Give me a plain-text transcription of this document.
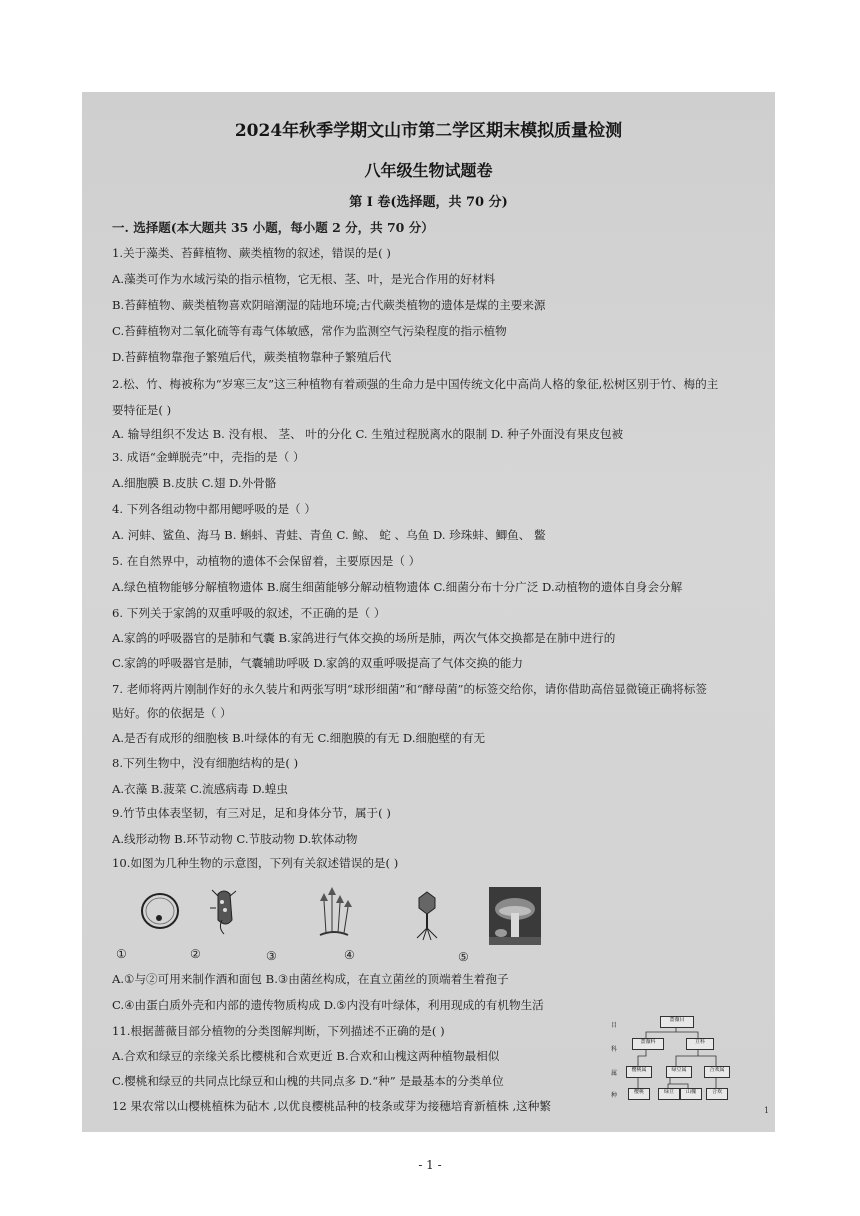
2024年秋季学期文山市第二学区期末模拟质量检测
八年级生物试题卷
第 I 卷(选择题，共 70 分)
一. 选择题(本大题共 35 小题，每小题 2 分，共 70 分）
1.关于藻类、苔藓植物、蕨类植物的叙述，错误的是( )
A.藻类可作为水域污染的指示植物，它无根、茎、叶，是光合作用的好材料
B.苔藓植物、蕨类植物喜欢阴暗潮湿的陆地环境;古代蕨类植物的遗体是煤的主要来源
C.苔藓植物对二氧化硫等有毒气体敏感，常作为监测空气污染程度的指示植物
D.苔藓植物靠孢子繁殖后代，蕨类植物靠种子繁殖后代
2.松、竹、梅被称为“岁寒三友”这三种植物有着顽强的生命力是中国传统文化中高尚人格的象征,松树区别于竹、梅的主
要特征是( )
A. 输导组织不发达 B. 没有根、 茎、 叶的分化 C. 生殖过程脱离水的限制 D. 种子外面没有果皮包被
3. 成语“金蝉脱壳”中，壳指的是（ ）
A.细胞膜 B.皮肤 C.翅 D.外骨骼
4. 下列各组动物中都用鳃呼吸的是（ ）
A. 河蚌、鲨鱼、海马 B. 蝌蚪、青蛙、青鱼 C. 鲸、 蛇 、乌鱼 D. 珍珠蚌、鲫鱼、 鳖
5. 在自然界中，动植物的遗体不会保留着，主要原因是（ ）
A.绿色植物能够分解植物遗体 B.腐生细菌能够分解动植物遗体 C.细菌分布十分广泛 D.动植物的遗体自身会分解
6. 下列关于家鸽的双重呼吸的叙述，不正确的是（ ）
A.家鸽的呼吸器官的是肺和气囊 B.家鸽进行气体交换的场所是肺，两次气体交换都是在肺中进行的
C.家鸽的呼吸器官是肺，气囊辅助呼吸 D.家鸽的双重呼吸提高了气体交换的能力
7. 老师将两片刚制作好的永久装片和两张写明“球形细菌”和“酵母菌”的标签交给你，请你借助高倍显微镜正确将标签
贴好。你的依据是（ ）
A.是否有成形的细胞核 B.叶绿体的有无 C.细胞膜的有无 D.细胞壁的有无
8.下列生物中，没有细胞结构的是( )
A.衣藻 B.菠菜 C.流感病毒 D.蝗虫
9.竹节虫体表坚韧，有三对足，足和身体分节，属于( )
A.线形动物 B.环节动物 C.节肢动物 D.软体动物
10.如图为几种生物的示意图，下列有关叙述错误的是( )
①	②	③	④	⑤
A.①与②可用来制作酒和面包 B.③由菌丝构成，在直立菌丝的顶端着生着孢子
C.④由蛋白质外壳和内部的遗传物质构成 D.⑤内没有叶绿体，利用现成的有机物生活
11.根据蔷薇目部分植物的分类图解判断，下列描述不正确的是( )
A.合欢和绿豆的亲缘关系比樱桃和合欢更近 B.合欢和山槐这两种植物最相似
C.樱桃和绿豆的共同点比绿豆和山槐的共同点多 D.“种” 是最基本的分类单位
12 果农常以山樱桃植株为砧木 ,以优良樱桃品种的枝条或芽为接穗培育新植株 ,这种繁
目
科
属
种
蔷薇目
蔷薇科	豆科
樱桃属	绿豆属	合欢属
樱桃	绿豆	山槐	合欢
1
- 1 -
